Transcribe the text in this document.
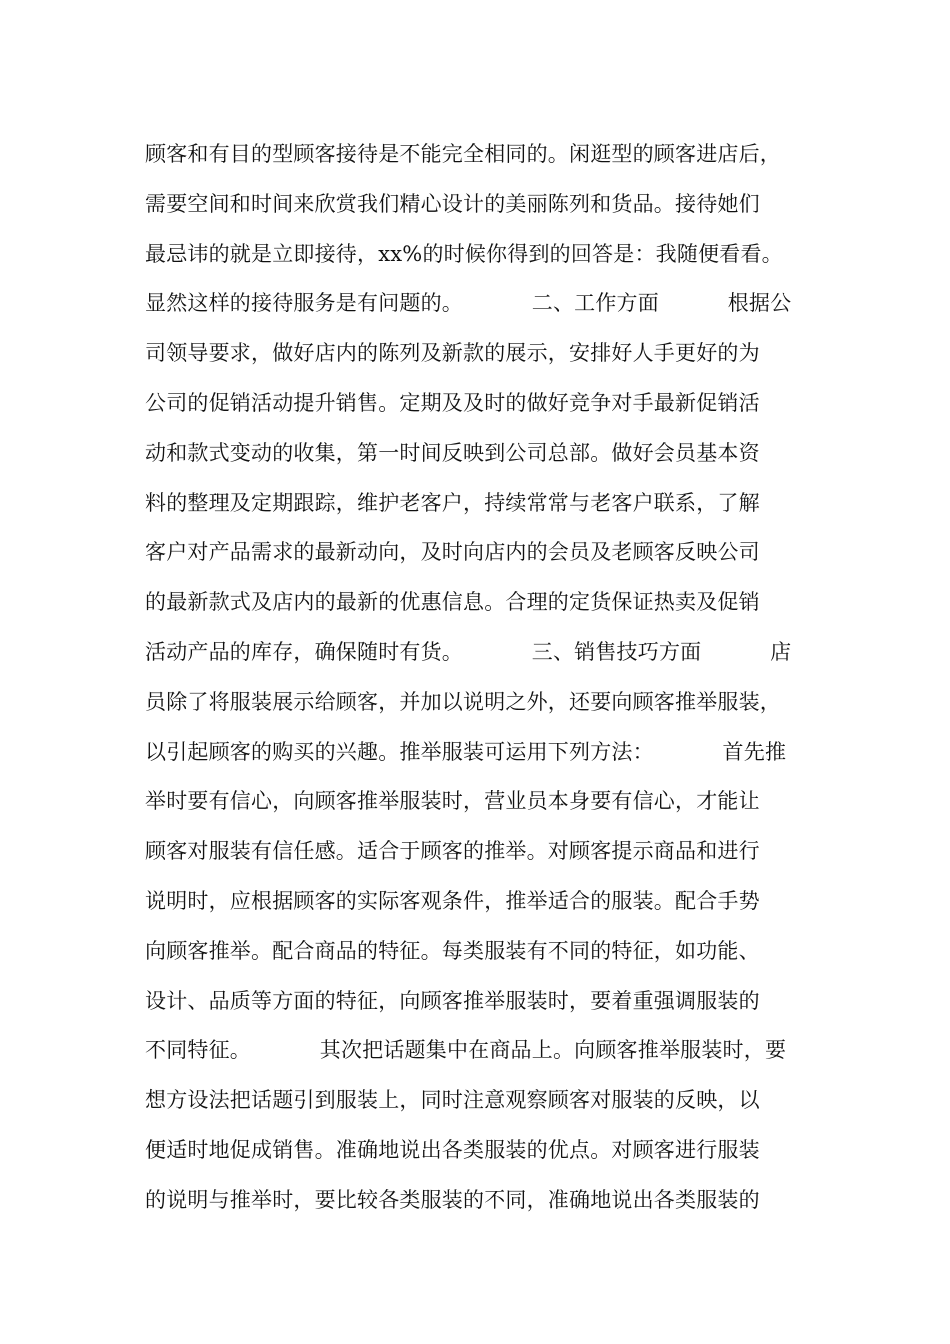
顾客和有目的型顾客接待是不能完全相同的。闲逛型的顾客进店后，
需要空间和时间来欣赏我们精心设计的美丽陈列和货品。接待她们
最忌讳的就是立即接待，xx%的时候你得到的回答是：我随便看看。
显然这样的接待服务是有问题的。          二、工作方面          根据公
司领导要求，做好店内的陈列及新款的展示，安排好人手更好的为
公司的促销活动提升销售。定期及及时的做好竞争对手最新促销活
动和款式变动的收集，第一时间反映到公司总部。做好会员基本资
料的整理及定期跟踪，维护老客户，持续常常与老客户联系，了解
客户对产品需求的最新动向，及时向店内的会员及老顾客反映公司
的最新款式及店内的最新的优惠信息。合理的定货保证热卖及促销
活动产品的库存，确保随时有货。          三、销售技巧方面          店
员除了将服装展示给顾客，并加以说明之外，还要向顾客推举服装，
以引起顾客的购买的兴趣。推举服装可运用下列方法：          首先推
举时要有信心，向顾客推举服装时，营业员本身要有信心，才能让
顾客对服装有信任感。适合于顾客的推举。对顾客提示商品和进行
说明时，应根据顾客的实际客观条件，推举适合的服装。配合手势
向顾客推举。配合商品的特征。每类服装有不同的特征，如功能、
设计、品质等方面的特征，向顾客推举服装时，要着重强调服装的
不同特征。          其次把话题集中在商品上。向顾客推举服装时，要
想方设法把话题引到服装上，同时注意观察顾客对服装的反映，以
便适时地促成销售。准确地说出各类服装的优点。对顾客进行服装
的说明与推举时，要比较各类服装的不同，准确地说出各类服装的
